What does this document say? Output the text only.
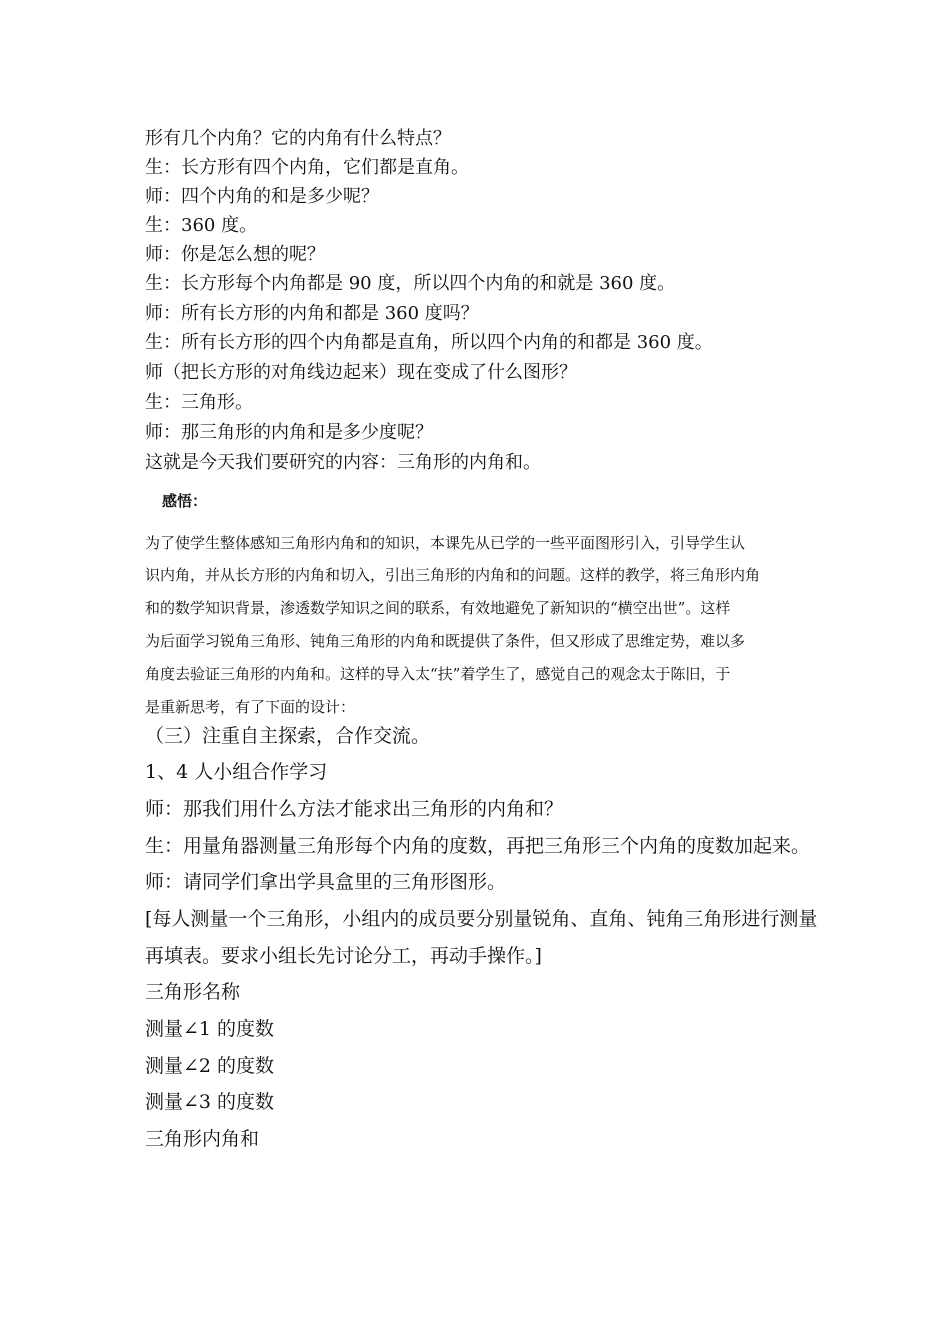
形有几个内角？它的内角有什么特点？
生：长方形有四个内角，它们都是直角。
师：四个内角的和是多少呢？
生：360 度。
师：你是怎么想的呢？
生：长方形每个内角都是 90 度，所以四个内角的和就是 360 度。
师：所有长方形的内角和都是 360 度吗？
生：所有长方形的四个内角都是直角，所以四个内角的和都是 360 度。
师（把长方形的对角线边起来）现在变成了什么图形？
生：三角形。
师：那三角形的内角和是多少度呢？
这就是今天我们要研究的内容：三角形的内角和。
感悟：
为了使学生整体感知三角形内角和的知识，本课先从已学的一些平面图形引入，引导学生认
识内角，并从长方形的内角和切入，引出三角形的内角和的问题。这样的教学，将三角形内角
和的数学知识背景，渗透数学知识之间的联系，有效地避免了新知识的“横空出世”。这样
为后面学习锐角三角形、钝角三角形的内角和既提供了条件，但又形成了思维定势，难以多
角度去验证三角形的内角和。这样的导入太“扶”着学生了，感觉自己的观念太于陈旧，于
是重新思考，有了下面的设计：
（三）注重自主探索，合作交流。
1、4 人小组合作学习
师：那我们用什么方法才能求出三角形的内角和？
生：用量角器测量三角形每个内角的度数，再把三角形三个内角的度数加起来。
师：请同学们拿出学具盒里的三角形图形。
[每人测量一个三角形，小组内的成员要分别量锐角、直角、钝角三角形进行测量
再填表。要求小组长先讨论分工，再动手操作。]
三角形名称
测量∠1 的度数
测量∠2 的度数
测量∠3 的度数
三角形内角和
